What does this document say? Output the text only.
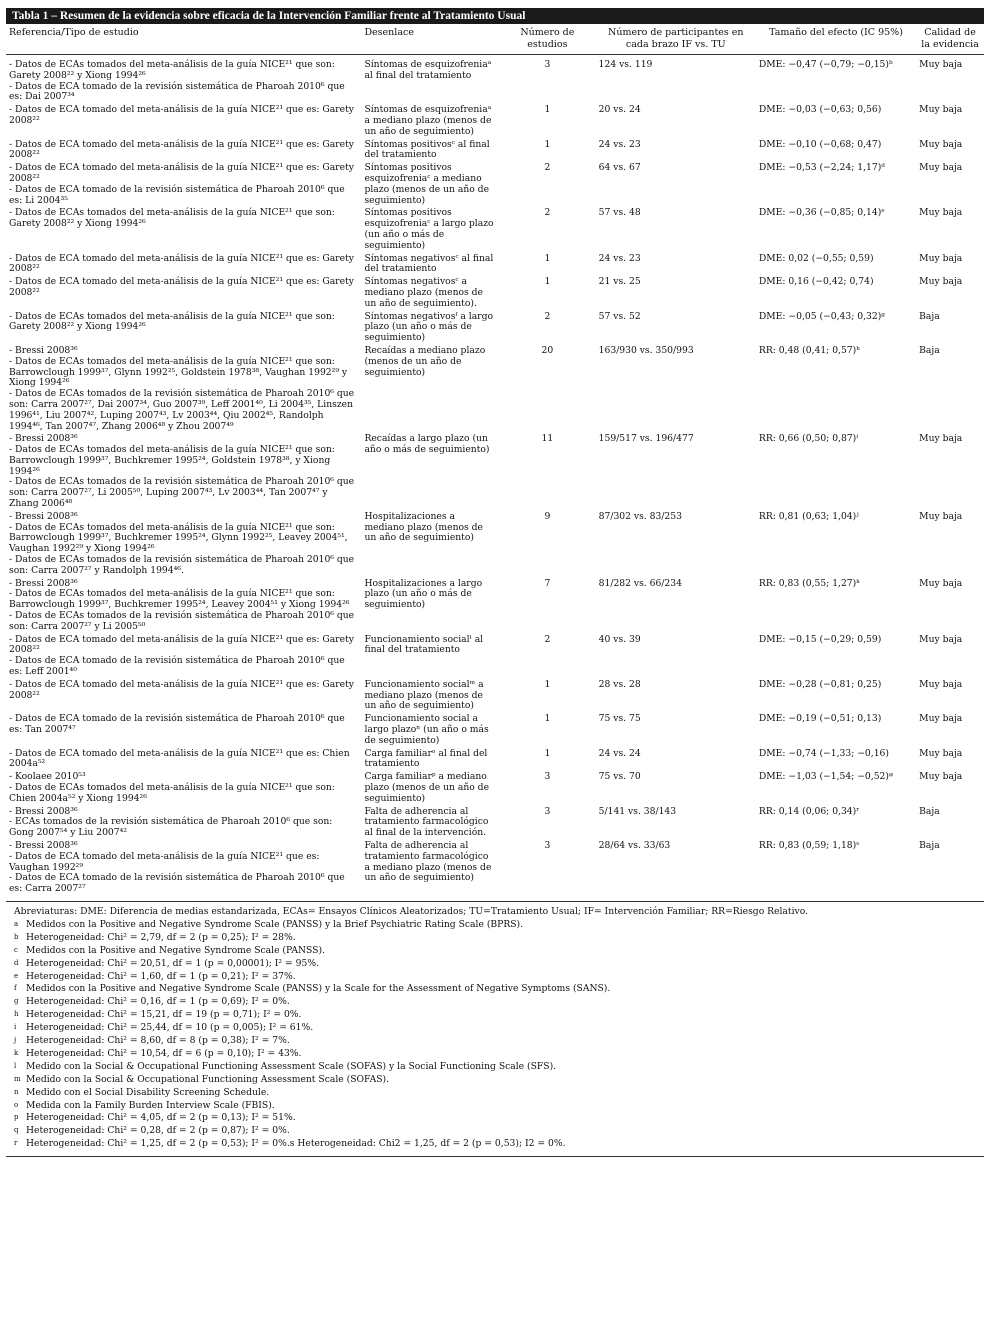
Tabla 1 – Resumen de la evidencia sobre eficacia de la Intervención Familiar frente al Tratamiento Usual
Referencia/Tipo de estudio	Desenlace	Número de estudios	Número de participantes en cada brazo IF vs. TU	Tamaño del efecto (IC 95%)	Calidad de la evidencia

- Datos de ECAs tomados del meta-análisis de la guía NICE²¹ que son: Garety 2008²² y Xiong 1994²⁶
- Datos de ECA tomado de la revisión sistemática de Pharoah 2010⁶ que es: Dai 2007³⁴	Síntomas de esquizofreniaᵃ al final del tratamiento	3	124 vs. 119	DME: −0,47 (−0,79; −0,15)ᵇ	Muy baja

- Datos de ECA tomado del meta-análisis de la guía NICE²¹ que es: Garety 2008²²	Síntomas de esquizofreniaᵃ a mediano plazo (menos de un año de seguimiento)	1	20 vs. 24	DME: −0,03 (−0,63; 0,56)	Muy baja

- Datos de ECA tomado del meta-análisis de la guía NICE²¹ que es: Garety 2008²²	Síntomas positivosᶜ al final del tratamiento	1	24 vs. 23	DME: −0,10 (−0,68; 0,47)	Muy baja

- Datos de ECA tomado del meta-análisis de la guía NICE²¹ que es: Garety 2008²²
- Datos de ECA tomado de la revisión sistemática de Pharoah 2010⁶ que es: Li 2004³⁵	Síntomas positivos esquizofreniaᶜ a mediano plazo (menos de un año de seguimiento)	2	64 vs. 67	DME: −0,53 (−2,24; 1,17)ᵈ	Muy baja

- Datos de ECAs tomados del meta-análisis de la guía NICE²¹ que son: Garety 2008²² y Xiong 1994²⁶	Síntomas positivos esquizofreniaᶜ a largo plazo (un año o más de seguimiento)	2	57 vs. 48	DME: −0,36 (−0,85; 0,14)ᵉ	Muy baja

- Datos de ECA tomado del meta-análisis de la guía NICE²¹ que es: Garety 2008²²	Síntomas negativosᶜ al final del tratamiento	1	24 vs. 23	DME: 0,02 (−0,55; 0,59)	Muy baja

- Datos de ECA tomado del meta-análisis de la guía NICE²¹ que es: Garety 2008²²	Síntomas negativosᶜ a mediano plazo (menos de un año de seguimiento).	1	21 vs. 25	DME: 0,16 (−0,42; 0,74)	Muy baja

- Datos de ECAs tomados del meta-análisis de la guía NICE²¹ que son: Garety 2008²² y Xiong 1994²⁶	Síntomas negativosᶠ a largo plazo (un año o más de seguimiento)	2	57 vs. 52	DME: −0,05 (−0,43; 0,32)ᵍ	Baja

- Bressi 2008³⁶
- Datos de ECAs tomados del meta-análisis de la guía NICE²¹ que son: Barrowclough 1999³⁷, Glynn 1992²⁵, Goldstein 1978³⁸, Vaughan 1992²⁹ y Xiong 1994²⁶
- Datos de ECAs tomados de la revisión sistemática de Pharoah 2010⁶ que son: Carra 2007²⁷, Dai 2007³⁴, Guo 2007³⁹, Leff 2001⁴⁰, Li 2004³⁵, Linszen 1996⁴¹, Liu 2007⁴², Luping 2007⁴³, Lv 2003⁴⁴, Qiu 2002⁴⁵, Randolph 1994⁴⁶, Tan 2007⁴⁷, Zhang 2006⁴⁸ y Zhou 2007⁴⁹	Recaídas a mediano plazo (menos de un año de seguimiento)	20	163/930 vs. 350/993	RR: 0,48 (0,41; 0,57)ʰ	Baja

- Bressi 2008³⁶
- Datos de ECAs tomados del meta-análisis de la guía NICE²¹ que son: Barrowclough 1999³⁷, Buchkremer 1995²⁴, Goldstein 1978³⁸, y Xiong 1994²⁶
- Datos de ECAs tomados de la revisión sistemática de Pharoah 2010⁶ que son: Carra 2007²⁷, Li 2005⁵⁰, Luping 2007⁴³, Lv 2003⁴⁴, Tan 2007⁴⁷ y Zhang 2006⁴⁸	Recaídas a largo plazo (un año o más de seguimiento)	11	159/517 vs. 196/477	RR: 0,66 (0,50; 0,87)ⁱ	Muy baja

- Bressi 2008³⁶
- Datos de ECAs tomados del meta-análisis de la guía NICE²¹ que son: Barrowclough 1999³⁷, Buchkremer 1995²⁴, Glynn 1992²⁵, Leavey 2004⁵¹, Vaughan 1992²⁹ y Xiong 1994²⁶
- Datos de ECAs tomados de la revisión sistemática de Pharoah 2010⁶ que son: Carra 2007²⁷ y Randolph 1994⁴⁶.	Hospitalizaciones a mediano plazo (menos de un año de seguimiento)	9	87/302 vs. 83/253	RR: 0,81 (0,63; 1,04)ʲ	Muy baja

- Bressi 2008³⁶
- Datos de ECAs tomados del meta-análisis de la guía NICE²¹ que son: Barrowclough 1999³⁷, Buchkremer 1995²⁴, Leavey 2004⁵¹ y Xiong 1994²⁶
- Datos de ECAs tomados de la revisión sistemática de Pharoah 2010⁶ que son: Carra 2007²⁷ y Li 2005⁵⁰	Hospitalizaciones a largo plazo (un año o más de seguimiento)	7	81/282 vs. 66/234	RR: 0,83 (0,55; 1,27)ᵏ	Muy baja

- Datos de ECA tomado del meta-análisis de la guía NICE²¹ que es: Garety 2008²²
- Datos de ECA tomado de la revisión sistemática de Pharoah 2010⁶ que es: Leff 2001⁴⁰	Funcionamiento socialˡ al final del tratamiento	2	40 vs. 39	DME: −0,15 (−0,29; 0,59)	Muy baja

- Datos de ECA tomado del meta-análisis de la guía NICE²¹ que es: Garety 2008²²	Funcionamiento socialᵐ a mediano plazo (menos de un año de seguimiento)	1	28 vs. 28	DME: −0,28 (−0,81; 0,25)	Muy baja

- Datos de ECA tomado de la revisión sistemática de Pharoah 2010⁶ que es: Tan 2007⁴⁷	Funcionamiento social a largo plazoⁿ (un año o más de seguimiento)	1	75 vs. 75	DME: −0,19 (−0,51; 0,13)	Muy baja

- Datos de ECA tomado del meta-análisis de la guía NICE²¹ que es: Chien 2004a⁵²	Carga familiarᵒ al final del tratamiento	1	24 vs. 24	DME: −0,74 (−1,33; −0,16)	Muy baja

- Koolaee 2010⁵³
- Datos de ECAs tomados del meta-análisis de la guía NICE²¹ que son: Chien 2004a⁵² y Xiong 1994²⁶	Carga familiarᵖ a mediano plazo (menos de un año de seguimiento)	3	75 vs. 70	DME: −1,03 (−1,54; −0,52)ᵠ	Muy baja

- Bressi 2008³⁶
- ECAs tomados de la revisión sistemática de Pharoah 2010⁶ que son: Gong 2007⁵⁴ y Liu 2007⁴²	Falta de adherencia al tratamiento farmacológico al final de la intervención.	3	5/141 vs. 38/143	RR: 0,14 (0,06; 0,34)ʳ	Baja

- Bressi 2008³⁶
- Datos de ECA tomado del meta-análisis de la guía NICE²¹ que es: Vaughan 1992²⁹
- Datos de ECA tomado de la revisión sistemática de Pharoah 2010⁶ que es: Carra 2007²⁷	Falta de adherencia al tratamiento farmacológico a mediano plazo (menos de un año de seguimiento)	3	28/64 vs. 33/63	RR: 0,83 (0,59; 1,18)ˢ	Baja
Abreviaturas: DME: Diferencia de medias estandarizada, ECAs= Ensayos Clínicos Aleatorizados; TU=Tratamiento Usual; IF= Intervención Familiar; RR=Riesgo Relativo.
a Medidos con la Positive and Negative Syndrome Scale (PANSS) y la Brief Psychiatric Rating Scale (BPRS).
b Heterogeneidad: Chi² = 2,79, df = 2 (p = 0,25); I² = 28%.
c Medidos con la Positive and Negative Syndrome Scale (PANSS).
d Heterogeneidad: Chi² = 20,51, df = 1 (p = 0,00001); I² = 95%.
e Heterogeneidad: Chi² = 1,60, df = 1 (p = 0,21); I² = 37%.
f Medidos con la Positive and Negative Syndrome Scale (PANSS) y la Scale for the Assessment of Negative Symptoms (SANS).
g Heterogeneidad: Chi² = 0,16, df = 1 (p = 0,69); I² = 0%.
h Heterogeneidad: Chi² = 15,21, df = 19 (p = 0,71); I² = 0%.
i Heterogeneidad: Chi² = 25,44, df = 10 (p = 0,005); I² = 61%.
j Heterogeneidad: Chi² = 8,60, df = 8 (p = 0,38); I² = 7%.
k Heterogeneidad: Chi² = 10,54, df = 6 (p = 0,10); I² = 43%.
l Medido con la Social & Occupational Functioning Assessment Scale (SOFAS) y la Social Functioning Scale (SFS).
m Medido con la Social & Occupational Functioning Assessment Scale (SOFAS).
n Medido con el Social Disability Screening Schedule.
o Medida con la Family Burden Interview Scale (FBIS).
p Heterogeneidad: Chi² = 4,05, df = 2 (p = 0,13); I² = 51%.
q Heterogeneidad: Chi² = 0,28, df = 2 (p = 0,87); I² = 0%.
r Heterogeneidad: Chi² = 1,25, df = 2 (p = 0,53); I² = 0%.s Heterogeneidad: Chi2 = 1,25, df = 2 (p = 0,53); I2 = 0%.
